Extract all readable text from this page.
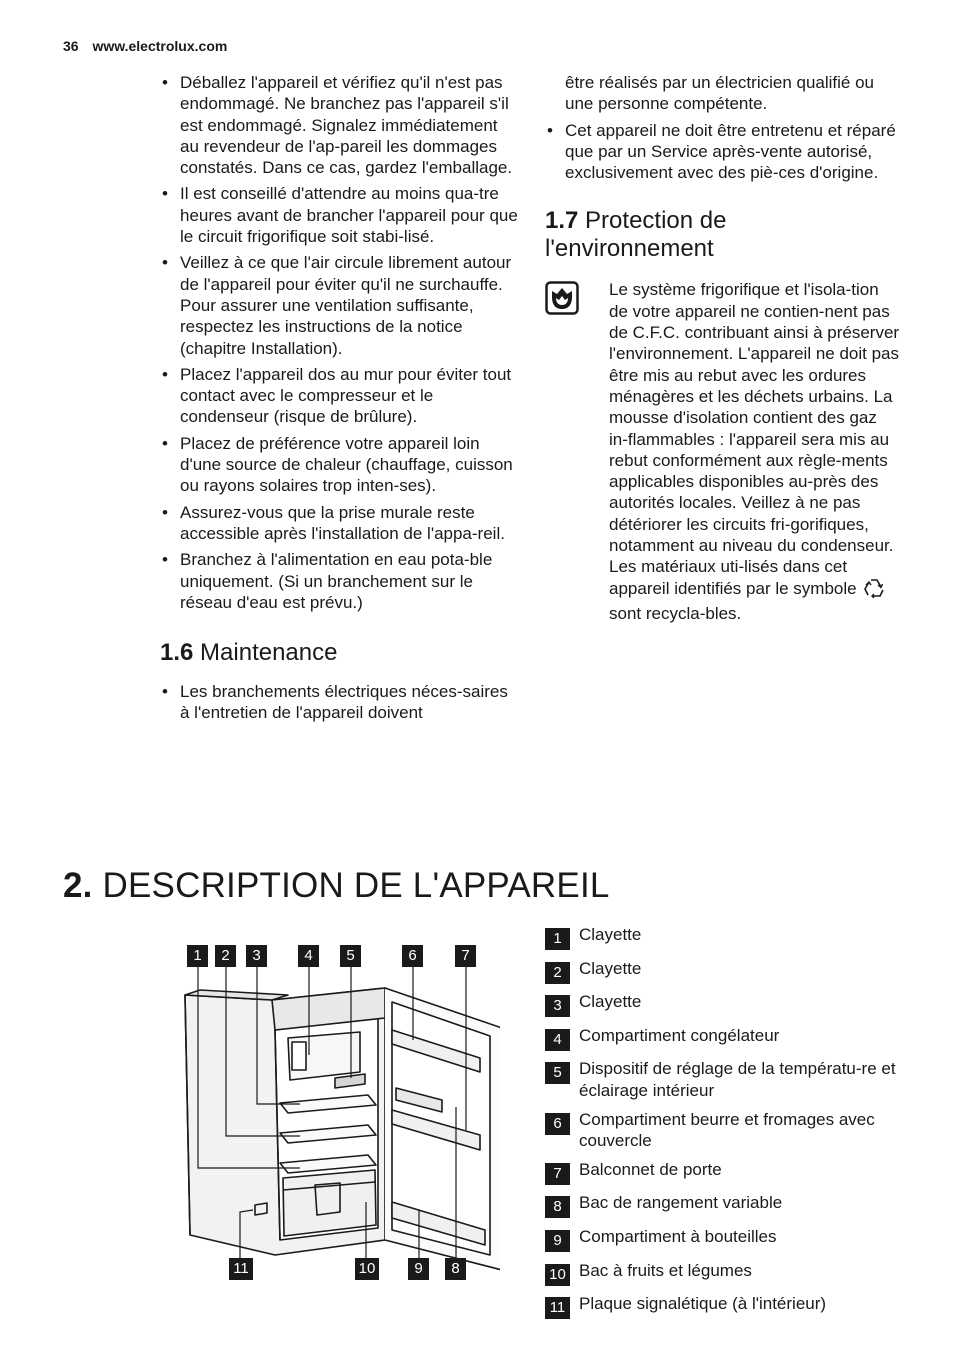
36 www.electrolux.com
• Déballez l'appareil et vérifiez qu'il n'est pas endommagé. Ne branchez pas l'appareil s'il est endommagé. Signalez immédiatement au revendeur de l'ap-pareil les dommages constatés. Dans ce cas, gardez l'emballage.
• Il est conseillé d'attendre au moins qua-tre heures avant de brancher l'appareil pour que le circuit frigorifique soit stabi-lisé.
• Veillez à ce que l'air circule librement autour de l'appareil pour éviter qu'il ne surchauffe. Pour assurer une ventilation suffisante, respectez les instructions de la notice (chapitre Installation).
• Placez l'appareil dos au mur pour éviter tout contact avec le compresseur et le condenseur (risque de brûlure).
• Placez de préférence votre appareil loin d'une source de chaleur (chauffage, cuisson ou rayons solaires trop inten-ses).
• Assurez-vous que la prise murale reste accessible après l'installation de l'appa-reil.
• Branchez à l'alimentation en eau pota-ble uniquement. (Si un branchement sur le réseau d'eau est prévu.)
1.6 Maintenance
• Les branchements électriques néces-saires à l'entretien de l'appareil doivent
être réalisés par un électricien qualifié ou une personne compétente.
• Cet appareil ne doit être entretenu et réparé que par un Service après-vente autorisé, exclusivement avec des piè-ces d'origine.
1.7 Protection de l'environnement
Le système frigorifique et l'isola-tion de votre appareil ne contien-nent pas de C.F.C. contribuant ainsi à préserver l'environnement. L'appareil ne doit pas être mis au rebut avec les ordures ménagères et les déchets urbains. La mousse d'isolation contient des gaz in-flammables : l'appareil sera mis au rebut conformément aux règle-ments applicables disponibles au-près des autorités locales. Veillez à ne pas détériorer les circuits fri-gorifiques, notamment au niveau du condenseur. Les matériaux uti-lisés dans cet appareil identifiés par le symbole  sont recycla-bles.
2. DESCRIPTION DE L'APPAREIL
1	2	3	4	5	6	7
11	10	9	8
1	Clayette
2	Clayette
3	Clayette
4	Compartiment congélateur
5	Dispositif de réglage de la températu-re et éclairage intérieur
6	Compartiment beurre et fromages avec couvercle
7	Balconnet de porte
8	Bac de rangement variable
9	Compartiment à bouteilles
10 Bac à fruits et légumes
11 Plaque signalétique (à l'intérieur)
